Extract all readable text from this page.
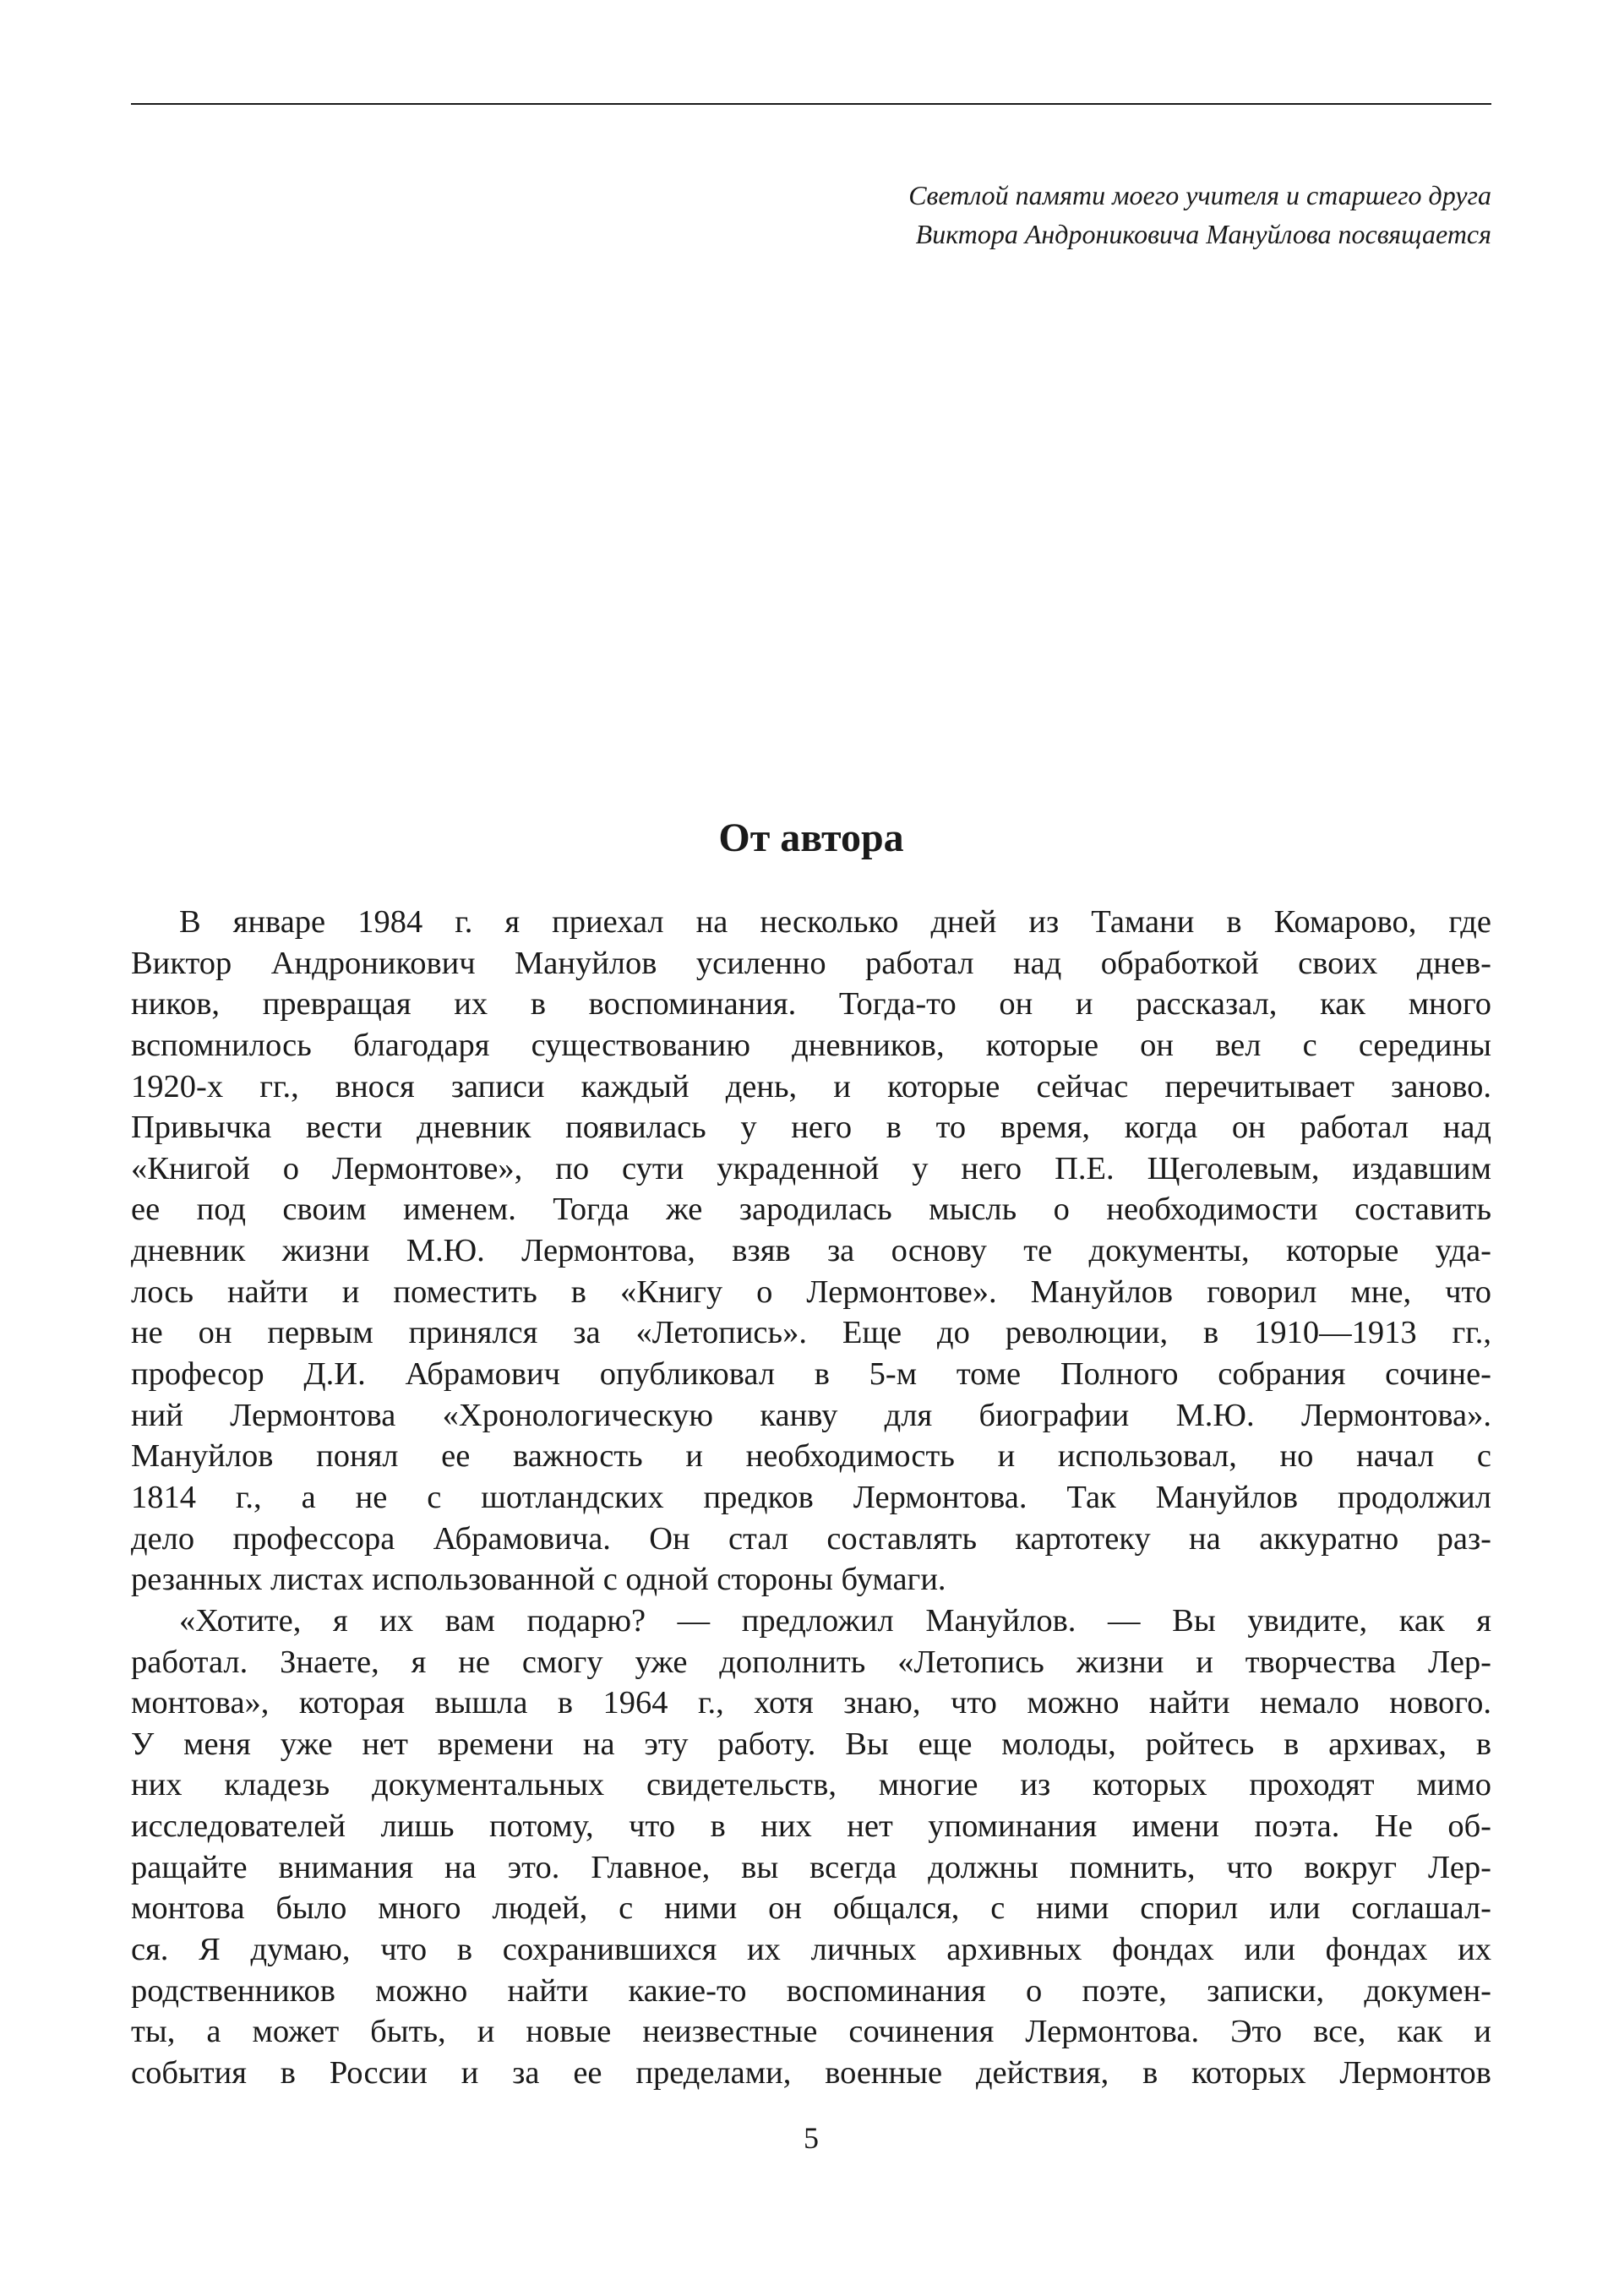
Светлой памяти моего учителя и старшего друга
Виктора Андрониковича Мануйлова посвящается
От автора
В январе 1984 г. я приехал на несколько дней из Тамани в Комарово, где
Виктор Андроникович Мануйлов усиленно работал над обработкой своих днев-
ников, превращая их в воспоминания. Тогда-то он и рассказал, как много
вспомнилось благодаря существованию дневников, которые он вел с середины
1920-х гг., внося записи каждый день, и которые сейчас перечитывает заново.
Привычка вести дневник появилась у него в то время, когда он работал над
«Книгой о Лермонтове», по сути украденной у него П.Е. Щеголевым, издавшим
ее под своим именем. Тогда же зародилась мысль о необходимости составить
дневник жизни М.Ю. Лермонтова, взяв за основу те документы, которые уда-
лось найти и поместить в «Книгу о Лермонтове». Мануйлов говорил мне, что
не он первым принялся за «Летопись». Еще до революции, в 1910—1913 гг.,
професор Д.И. Абрамович опубликовал в 5-м томе Полного собрания сочине-
ний Лермонтова «Хронологическую канву для биографии М.Ю. Лермонтова».
Мануйлов понял ее важность и необходимость и использовал, но начал с
1814 г., а не с шотландских предков Лермонтова. Так Мануйлов продолжил
дело профессора Абрамовича. Он стал составлять картотеку на аккуратно раз-
резанных листах использованной с одной стороны бумаги.
«Хотите, я их вам подарю? — предложил Мануйлов. — Вы увидите, как я
работал. Знаете, я не смогу уже дополнить «Летопись жизни и творчества Лер-
монтова», которая вышла в 1964 г., хотя знаю, что можно найти немало нового.
У меня уже нет времени на эту работу. Вы еще молоды, ройтесь в архивах, в
них кладезь документальных свидетельств, многие из которых проходят мимо
исследователей лишь потому, что в них нет упоминания имени поэта. Не об-
ращайте внимания на это. Главное, вы всегда должны помнить, что вокруг Лер-
монтова было много людей, с ними он общался, с ними спорил или соглашал-
ся. Я думаю, что в сохранившихся их личных архивных фондах или фондах их
родственников можно найти какие-то воспоминания о поэте, записки, докумен-
ты, а может быть, и новые неизвестные сочинения Лермонтова. Это все, как и
события в России и за ее пределами, военные действия, в которых Лермонтов
5
